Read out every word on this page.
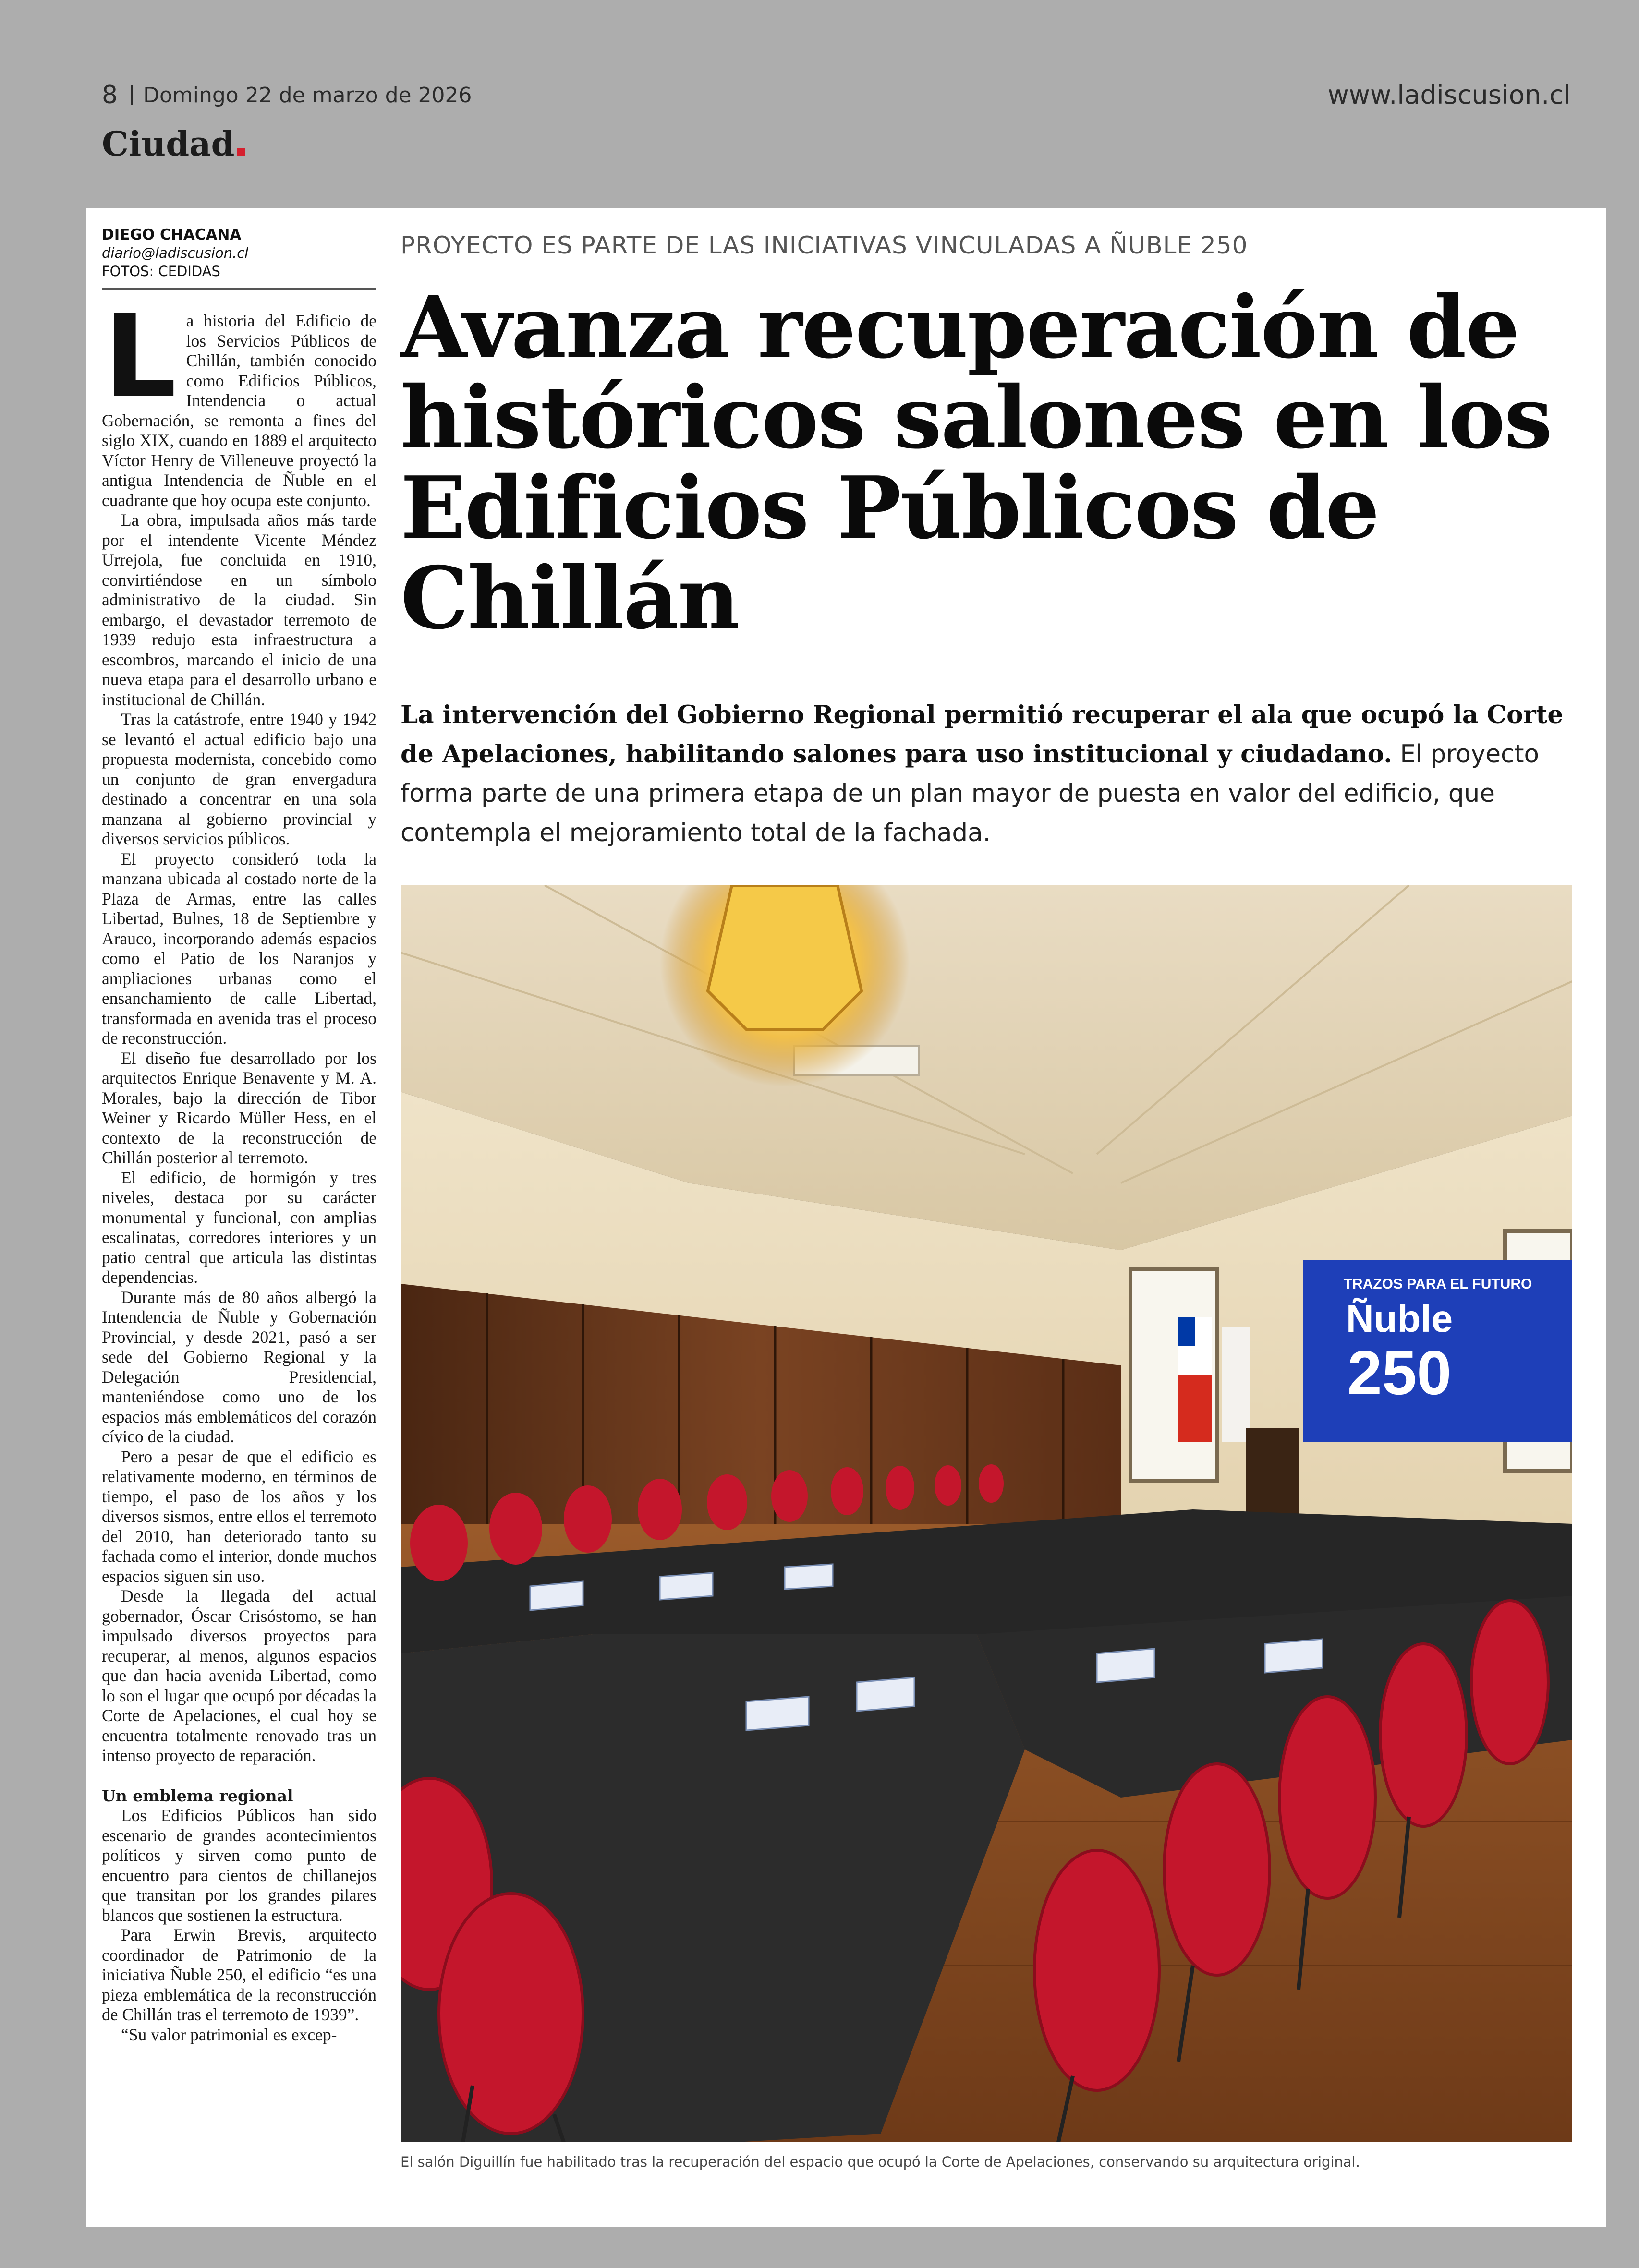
8 Domingo 22 de marzo de 2026	www.ladiscusion.cl
Ciudad
DIEGO CHACANA
diario@ladiscusion.cl
FOTOS: CEDIDAS

La historia del Edificio de los Servicios Públicos de Chillán, también conocido como Edificios Públicos, Intendencia o actual Gobernación, se remonta a fines del siglo XIX, cuando en 1889 el arquitecto Víctor Henry de Villeneuve proyectó la antigua Intendencia de Ñuble en el cuadrante que hoy ocupa este conjunto.

La obra, impulsada años más tarde por el intendente Vicente Méndez Urrejola, fue concluida en 1910, convirtiéndose en un símbolo administrativo de la ciudad. Sin embargo, el devastador terremoto de 1939 redujo esta infraestructura a escombros, marcando el inicio de una nueva etapa para el desarrollo urbano e institucional de Chillán.

Tras la catástrofe, entre 1940 y 1942 se levantó el actual edificio bajo una propuesta modernista, concebido como un conjunto de gran envergadura destinado a concentrar en una sola manzana al gobierno provincial y diversos servicios públicos.

El proyecto consideró toda la manzana ubicada al costado norte de la Plaza de Armas, entre las calles Libertad, Bulnes, 18 de Septiembre y Arauco, incorporando además espacios como el Patio de los Naranjos y ampliaciones urbanas como el ensanchamiento de calle Libertad, transformada en avenida tras el proceso de reconstrucción.

El diseño fue desarrollado por los arquitectos Enrique Benavente y M. A. Morales, bajo la dirección de Tibor Weiner y Ricardo Müller Hess, en el contexto de la reconstrucción de Chillán posterior al terremoto.

El edificio, de hormigón y tres niveles, destaca por su carácter monumental y funcional, con amplias escalinatas, corredores interiores y un patio central que articula las distintas dependencias.

Durante más de 80 años albergó la Intendencia de Ñuble y Gobernación Provincial, y desde 2021, pasó a ser sede del Gobierno Regional y la Delegación Presidencial, manteniéndose como uno de los espacios más emblemáticos del corazón cívico de la ciudad.

Pero a pesar de que el edificio es relativamente moderno, en términos de tiempo, el paso de los años y los diversos sismos, entre ellos el terremoto del 2010, han deteriorado tanto su fachada como el interior, donde muchos espacios siguen sin uso.

Desde la llegada del actual gobernador, Óscar Crisóstomo, se han impulsado diversos proyectos para recuperar, al menos, algunos espacios que dan hacia avenida Libertad, como lo son el lugar que ocupó por décadas la Corte de Apelaciones, el cual hoy se encuentra totalmente renovado tras un intenso proyecto de reparación.

Un emblema regional

Los Edificios Públicos han sido escenario de grandes acontecimientos políticos y sirven como punto de encuentro para cientos de chillanejos que transitan por los grandes pilares blancos que sostienen la estructura.

Para Erwin Brevis, arquitecto coordinador de Patrimonio de la iniciativa Ñuble 250, el edificio “es una pieza emblemática de la reconstrucción de Chillán tras el terremoto de 1939”.

“Su valor patrimonial es excep-

PROYECTO ES PARTE DE LAS INICIATIVAS VINCULADAS A ÑUBLE 250
Avanza recuperación de históricos salones en los Edificios Públicos de Chillán

La intervención del Gobierno Regional permitió recuperar el ala que ocupó la Corte de Apelaciones, habilitando salones para uso institucional y ciudadano. El proyecto forma parte de una primera etapa de un plan mayor de puesta en valor del edificio, que contempla el mejoramiento total de la fachada.

TRAZOS PARA EL FUTURO
Ñuble
250
El salón Diguillín fue habilitado tras la recuperación del espacio que ocupó la Corte de Apelaciones, conservando su arquitectura original.
